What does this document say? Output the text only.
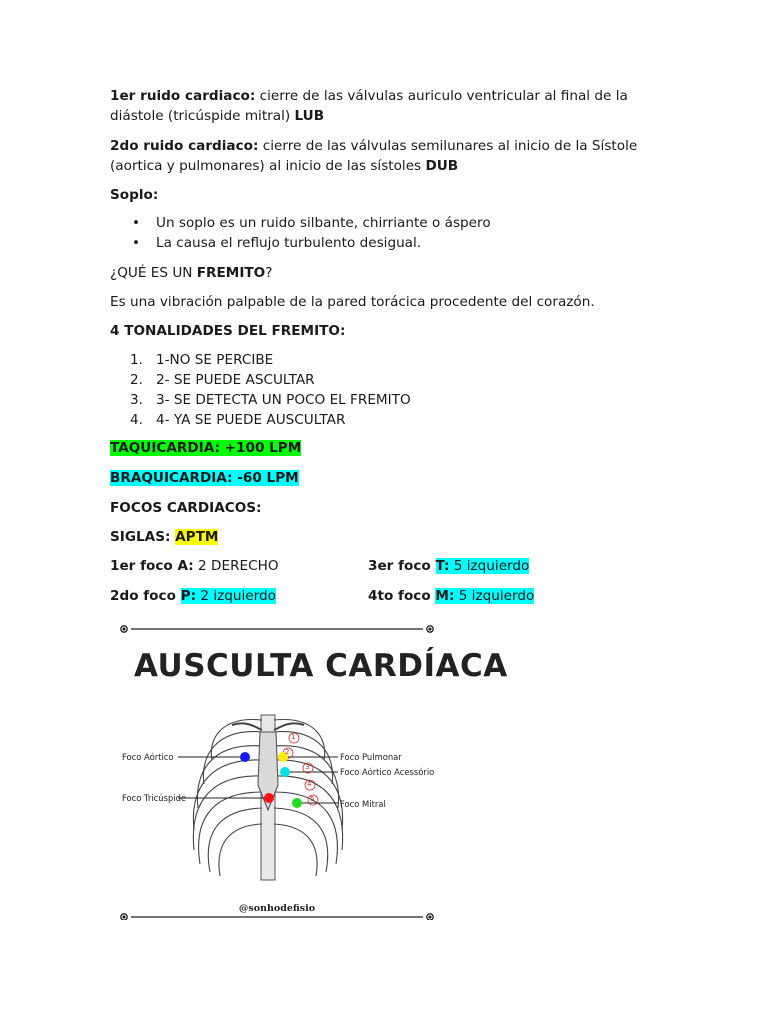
1er ruido cardiaco: cierre de las válvulas auriculo ventricular al final de la diástole (tricúspide mitral) LUB

2do ruido cardiaco: cierre de las válvulas semilunares al inicio de la Sístole (aortica y pulmonares) al inicio de las sístoles DUB

Soplo:

• Un soplo es un ruido silbante, chirriante o áspero
• La causa el reflujo turbulento desigual.

¿QUÉ ES UN FREMITO?

Es una vibración palpable de la pared torácica procedente del corazón.

4 TONALIDADES DEL FREMITO:

1. 1-NO SE PERCIBE
2. 2- SE PUEDE ASCULTAR
3. 3- SE DETECTA UN POCO EL FREMITO
4. 4- YA SE PUEDE AUSCULTAR

TAQUICARDIA: +100 LPM

BRAQUICARDIA: -60 LPM

FOCOS CARDIACOS:

SIGLAS: APTM

1er foco A: 2 DERECHO	3er foco T: 5 izquierdo

2do foco P: 2 izquierdo	4to foco M: 5 izquierdo

AUSCULTA CARDÍACA
Foco Aórtico
Foco Tricúspide
Foco Pulmonar
Foco Aórtico Acessório
Foco Mitral
1
2
3
4
5
@sonhodefisio
